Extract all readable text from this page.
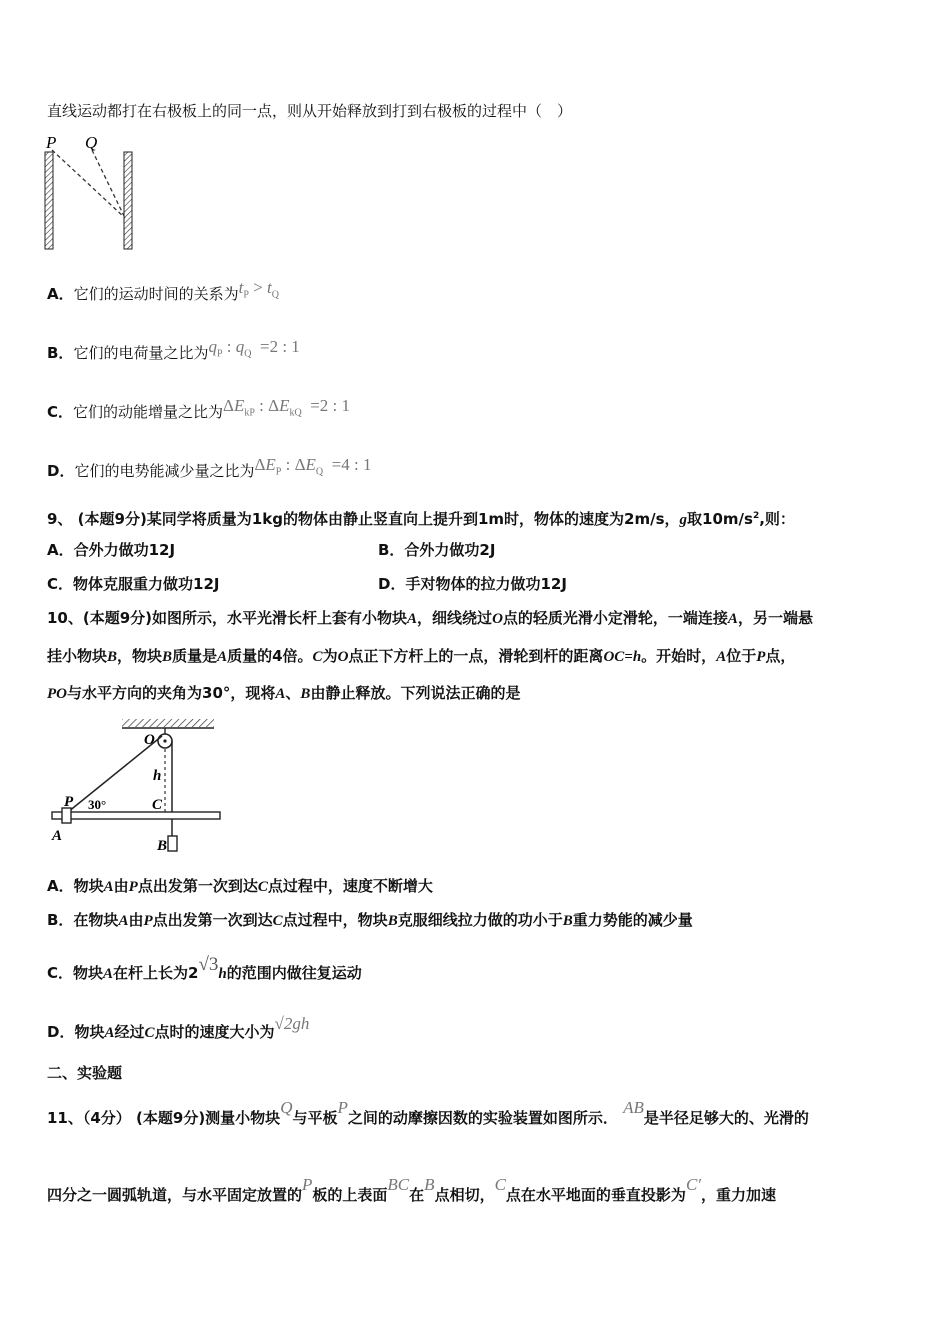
直线运动都打在右极板上的同一点，则从开始释放到打到右极板的过程中（　）
P Q
A．它们的运动时间的关系为$t_P > t_Q$
B．它们的电荷量之比为$q_P$ : $q_Q =2$ : 1
C．它们的动能增量之比为$\Delta E_{kP}$ : $\Delta E_{kQ} =2$ : 1
D．它们的电势能减少量之比为$\Delta E_P$ : $\Delta E_Q =4$ : 1
9、 (本题9分)某同学将质量为1kg的物体由静止竖直向上提升到1m时，物体的速度为2m/s，g取$10m/s^2$,则：
A．合外力做功12J	B．合外力做功2J
C．物体克服重力做功12J	D．手对物体的拉力做功12J
10、(本题9分)如图所示，水平光滑长杆上套有小物块A，细线绕过O点的轻质光滑小定滑轮，一端连接A，另一端悬
挂小物块B，物块B质量是A质量的4倍。C为O点正下方杆上的一点，滑轮到杆的距离OC=h。开始时，A位于P点，
PO与水平方向的夹角为30°，现将A、B由静止释放。下列说法正确的是
O
h
P 30°	C
A
B
A．物块A由P点出发第一次到达C点过程中，速度不断增大
B．在物块A由P点出发第一次到达C点过程中，物块B克服细线拉力做的功小于B重力势能的减少量
C．物块A在杆上长为2√3h的范围内做往复运动
D．物块A经过C点时的速度大小为√2gh
二、实验题
11、（4分） (本题9分)测量小物块Q与平板P之间的动摩擦因数的实验装置如图所示． AB是半径足够大的、光滑的
四分之一圆弧轨道，与水平固定放置的P板的上表面BC在B点相切，C点在水平地面的垂直投影为C′，重力加速
